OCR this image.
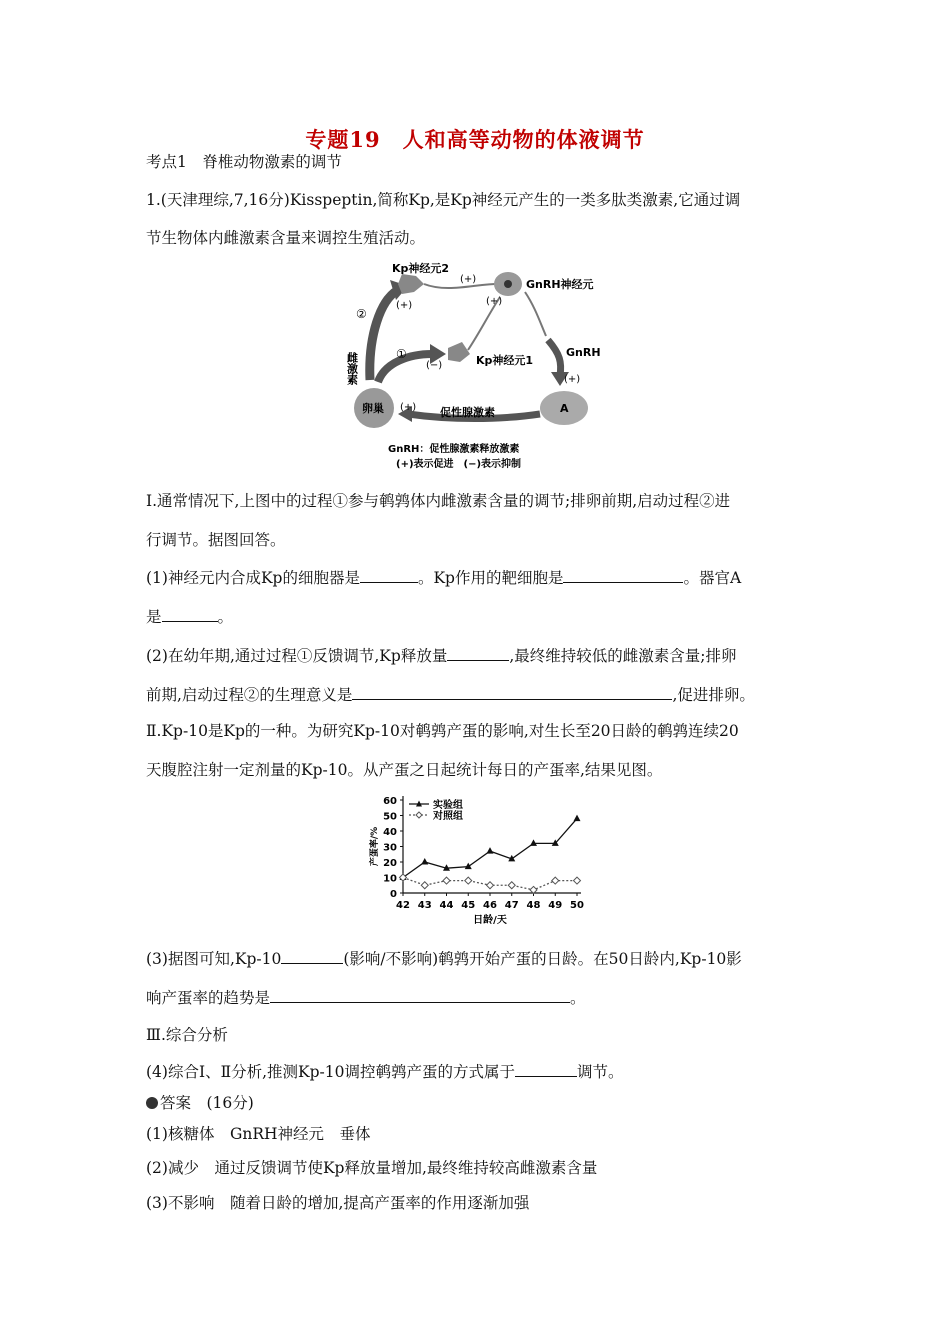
专题19　人和高等动物的体液调节
考点1　脊椎动物激素的调节
1.(天津理综,7,16分)Kisspeptin,简称Kp,是Kp神经元产生的一类多肽类激素,它通过调
节生物体内雌激素含量来调控生殖活动。
Kp神经元2
GnRH神经元
Kp神经元1
GnRH
卵巢	A
促性腺激素
雌激素
②
①
(+)
(+)
(+)
(−)
(+)
(+)
GnRH：促性腺激素释放激素
(+)表示促进　(−)表示抑制
Ⅰ.通常情况下,上图中的过程①参与鹌鹑体内雌激素含量的调节;排卵前期,启动过程②进
行调节。据图回答。
(1)神经元内合成Kp的细胞器是	。Kp作用的靶细胞是	。器官A
是	。
(2)在幼年期,通过过程①反馈调节,Kp释放量	,最终维持较低的雌激素含量;排卵
前期,启动过程②的生理意义是	,促进排卵。
Ⅱ.Kp-10是Kp的一种。为研究Kp-10对鹌鹑产蛋的影响,对生长至20日龄的鹌鹑连续20
天腹腔注射一定剂量的Kp-10。从产蛋之日起统计每日的产蛋率,结果见图。
0
10
20
30
40
50
60
42 43 44 45 46 47 48 49 50
日龄/天
产蛋率/%
实验组
对照组
(3)据图可知,Kp-10	(影响/不影响)鹌鹑开始产蛋的日龄。在50日龄内,Kp-10影
响产蛋率的趋势是	。
Ⅲ.综合分析
(4)综合Ⅰ、Ⅱ分析,推测Kp-10调控鹌鹑产蛋的方式属于	调节。
答案　(16分)
(1)核糖体　GnRH神经元　垂体
(2)减少　通过反馈调节使Kp释放量增加,最终维持较高雌激素含量
(3)不影响　随着日龄的增加,提高产蛋率的作用逐渐加强
